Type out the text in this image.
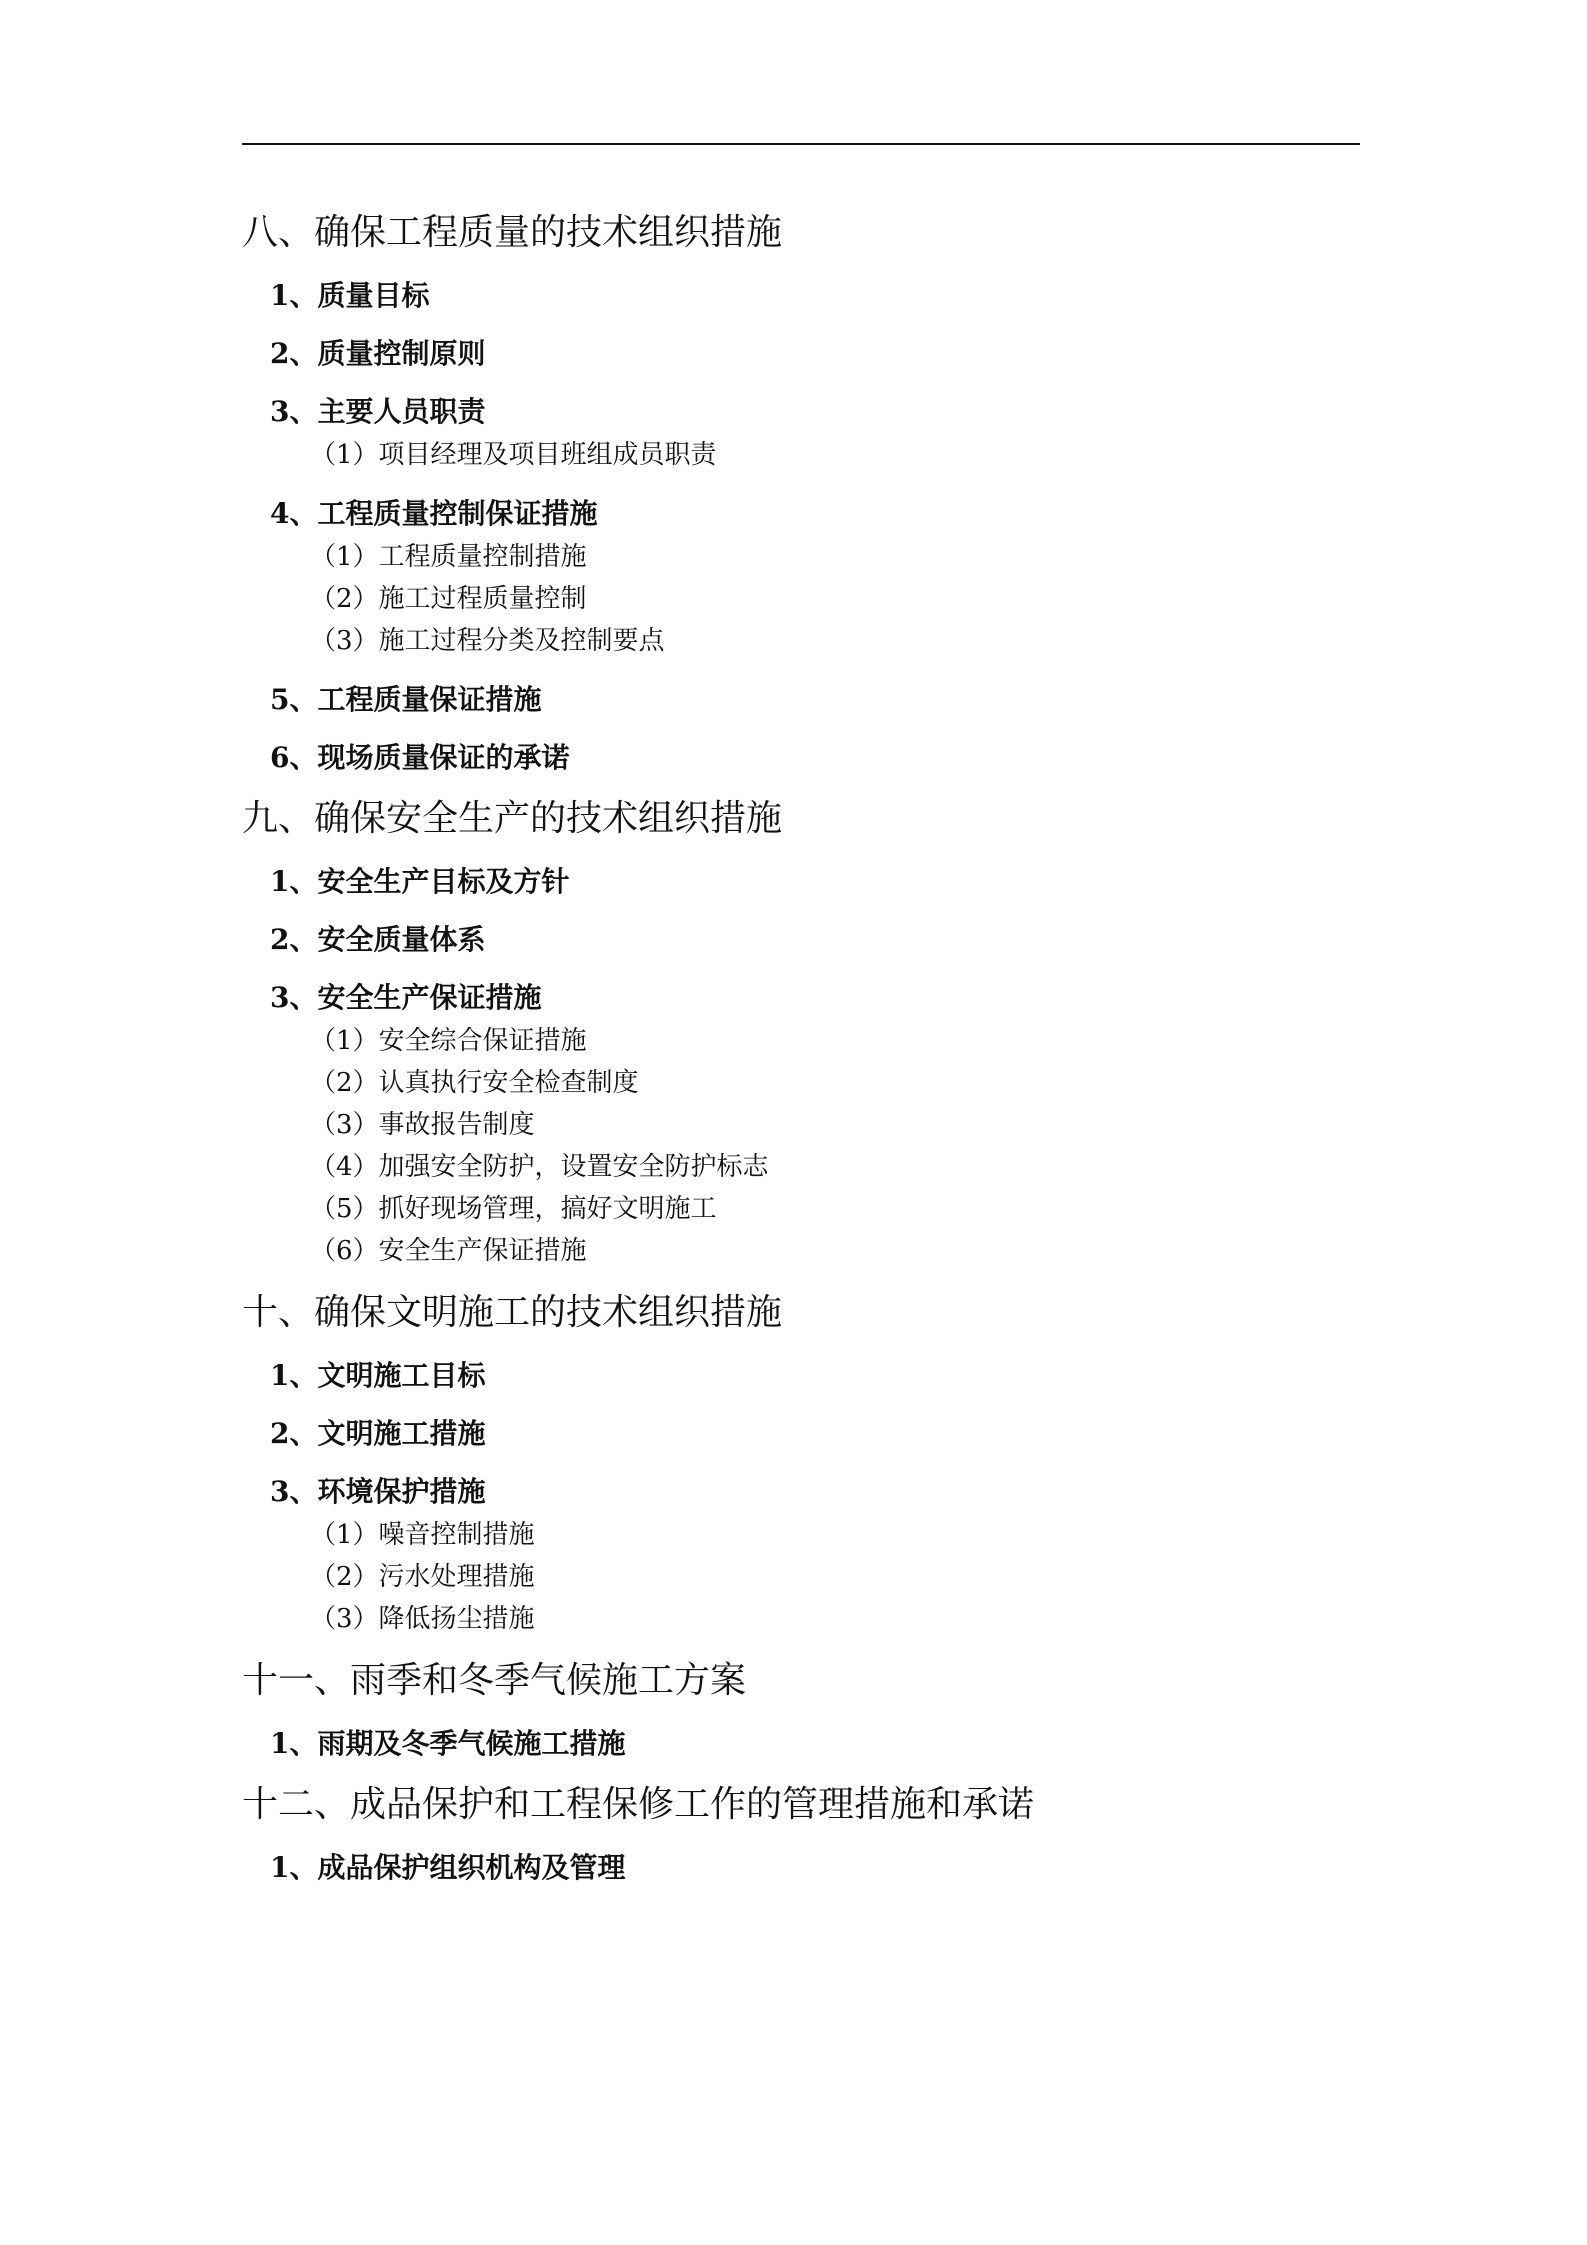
八、确保工程质量的技术组织措施
1、质量目标
2、质量控制原则
3、主要人员职责
（1）项目经理及项目班组成员职责
4、工程质量控制保证措施
（1）工程质量控制措施
（2）施工过程质量控制
（3）施工过程分类及控制要点
5、工程质量保证措施
6、现场质量保证的承诺
九、确保安全生产的技术组织措施
1、安全生产目标及方针
2、安全质量体系
3、安全生产保证措施
（1）安全综合保证措施
（2）认真执行安全检查制度
（3）事故报告制度
（4）加强安全防护，设置安全防护标志
（5）抓好现场管理，搞好文明施工
（6）安全生产保证措施
十、确保文明施工的技术组织措施
1、文明施工目标
2、文明施工措施
3、环境保护措施
（1）噪音控制措施
（2）污水处理措施
（3）降低扬尘措施
十一、雨季和冬季气候施工方案
1、雨期及冬季气候施工措施
十二、成品保护和工程保修工作的管理措施和承诺
1、成品保护组织机构及管理
